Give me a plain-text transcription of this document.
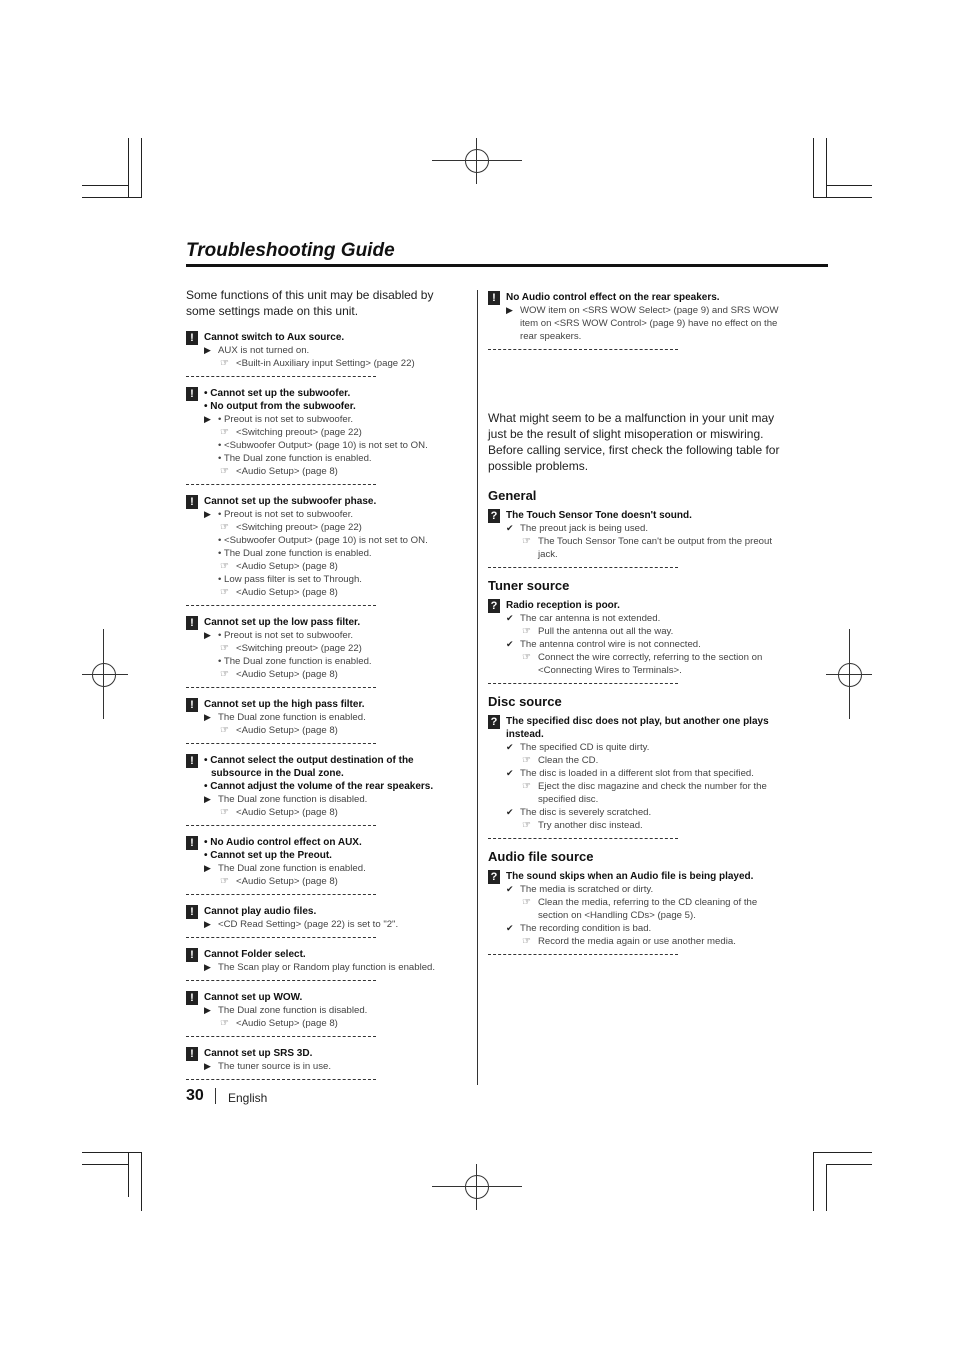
Troubleshooting Guide
Some functions of this unit may be disabled by some settings made on this unit.
!	Cannot switch to Aux source.
▶ AUX is not turned on.
☞ <Built-in Auxiliary input Setting> (page 22)
!	• Cannot set up the subwoofer.
• No output from the subwoofer.
▶ • Preout is not set to subwoofer.
☞ <Switching preout> (page 22)
• <Subwoofer Output> (page 10) is not set to ON.
• The Dual zone function is enabled.
☞ <Audio Setup> (page 8)
!	Cannot set up the subwoofer phase.
▶ • Preout is not set to subwoofer.
☞ <Switching preout> (page 22)
• <Subwoofer Output> (page 10) is not set to ON.
• The Dual zone function is enabled.
☞ <Audio Setup> (page 8)
• Low pass filter is set to Through.
☞ <Audio Setup> (page 8)
!	Cannot set up the low pass filter.
▶ • Preout is not set to subwoofer.
☞ <Switching preout> (page 22)
• The Dual zone function is enabled.
☞ <Audio Setup> (page 8)
!	Cannot set up the high pass filter.
▶ The Dual zone function is enabled.
☞ <Audio Setup> (page 8)
!	• Cannot select the output destination of the subsource in the Dual zone.
• Cannot adjust the volume of the rear speakers.
▶ The Dual zone function is disabled.
☞ <Audio Setup> (page 8)
!	• No Audio control effect on AUX.
• Cannot set up the Preout.
▶ The Dual zone function is enabled.
☞ <Audio Setup> (page 8)
!	Cannot play audio files.
▶ <CD Read Setting> (page 22) is set to "2".
!	Cannot Folder select.
▶ The Scan play or Random play function is enabled.
!	Cannot set up WOW.
▶ The Dual zone function is disabled.
☞ <Audio Setup> (page 8)
!	Cannot set up SRS 3D.
▶ The tuner source is in use.
!	No Audio control effect on the rear speakers.
▶ WOW item on <SRS WOW Select> (page 9) and SRS WOW item on <SRS WOW Control> (page 9) have no effect on the rear speakers.
What might seem to be a malfunction in your unit may just be the result of slight misoperation or miswiring. Before calling service, first check the following table for possible problems.
General
? The Touch Sensor Tone doesn't sound.
✔ The preout jack is being used.
☞ The Touch Sensor Tone can't be output from the preout jack.
Tuner source
? Radio reception is poor.
✔ The car antenna is not extended.
☞ Pull the antenna out all the way.
✔ The antenna control wire is not connected.
☞ Connect the wire correctly, referring to the section on <Connecting Wires to Terminals>.
Disc source
? The specified disc does not play, but another one plays instead.
✔ The specified CD is quite dirty.
☞ Clean the CD.
✔ The disc is loaded in a different slot from that specified.
☞ Eject the disc magazine and check the number for the specified disc.
✔ The disc is severely scratched.
☞ Try another disc instead.
Audio file source
? The sound skips when an Audio file is being played.
✔ The media is scratched or dirty.
☞ Clean the media, referring to the CD cleaning of the section on <Handling CDs> (page 5).
✔ The recording condition is bad.
☞ Record the media again or use another media.
30 English
